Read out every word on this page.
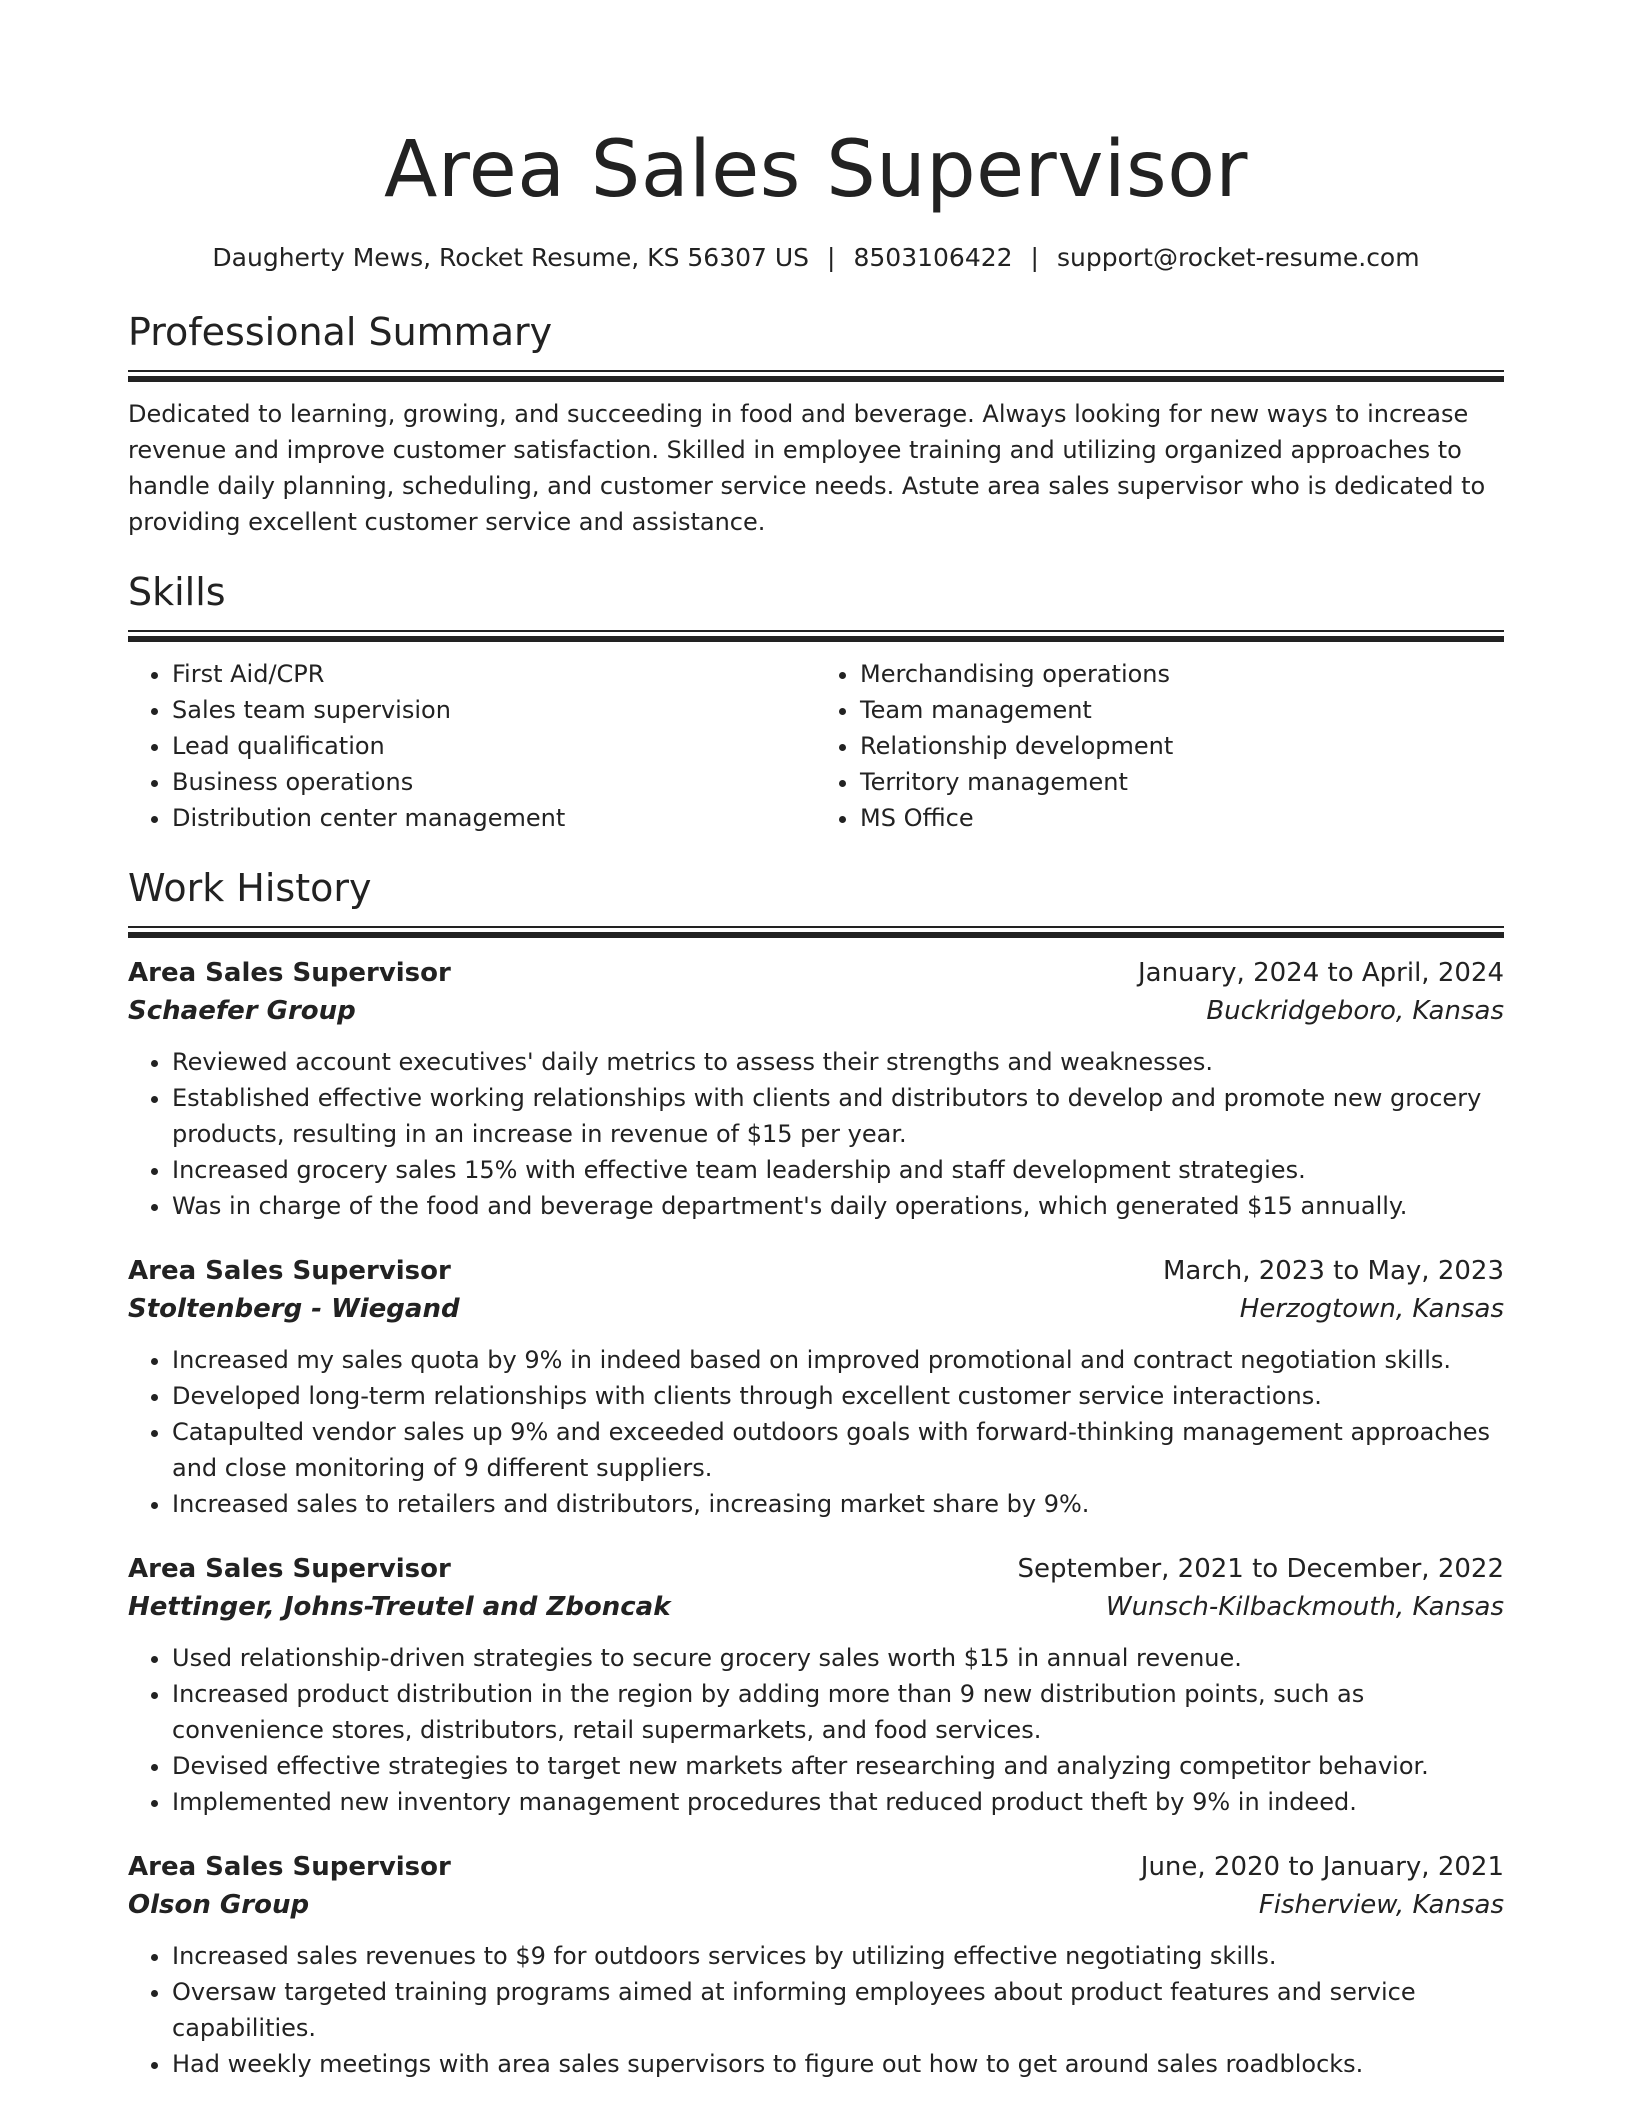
Area Sales Supervisor
Daugherty Mews, Rocket Resume, KS 56307 US | 8503106422 | support@rocket-resume.com
Professional Summary
Dedicated to learning, growing, and succeeding in food and beverage. Always looking for new ways to increase revenue and improve customer satisfaction. Skilled in employee training and utilizing organized approaches to handle daily planning, scheduling, and customer service needs. Astute area sales supervisor who is dedicated to providing excellent customer service and assistance.
Skills
• First Aid/CPR
• Sales team supervision
• Lead qualification
• Business operations
• Distribution center management
• Merchandising operations
• Team management
• Relationship development
• Territory management
• MS Office
Work History
Area Sales Supervisor	January, 2024 to April, 2024
Schaefer Group	Buckridgeboro, Kansas
• Reviewed account executives' daily metrics to assess their strengths and weaknesses.
• Established effective working relationships with clients and distributors to develop and promote new grocery products, resulting in an increase in revenue of $15 per year.
• Increased grocery sales 15% with effective team leadership and staff development strategies.
• Was in charge of the food and beverage department's daily operations, which generated $15 annually.
Area Sales Supervisor	March, 2023 to May, 2023
Stoltenberg - Wiegand	Herzogtown, Kansas
• Increased my sales quota by 9% in indeed based on improved promotional and contract negotiation skills.
• Developed long-term relationships with clients through excellent customer service interactions.
• Catapulted vendor sales up 9% and exceeded outdoors goals with forward-thinking management approaches and close monitoring of 9 different suppliers.
• Increased sales to retailers and distributors, increasing market share by 9%.
Area Sales Supervisor	September, 2021 to December, 2022
Hettinger, Johns-Treutel and Zboncak	Wunsch-Kilbackmouth, Kansas
• Used relationship-driven strategies to secure grocery sales worth $15 in annual revenue.
• Increased product distribution in the region by adding more than 9 new distribution points, such as convenience stores, distributors, retail supermarkets, and food services.
• Devised effective strategies to target new markets after researching and analyzing competitor behavior.
• Implemented new inventory management procedures that reduced product theft by 9% in indeed.
Area Sales Supervisor	June, 2020 to January, 2021
Olson Group	Fisherview, Kansas
• Increased sales revenues to $9 for outdoors services by utilizing effective negotiating skills.
• Oversaw targeted training programs aimed at informing employees about product features and service capabilities.
• Had weekly meetings with area sales supervisors to figure out how to get around sales roadblocks.
